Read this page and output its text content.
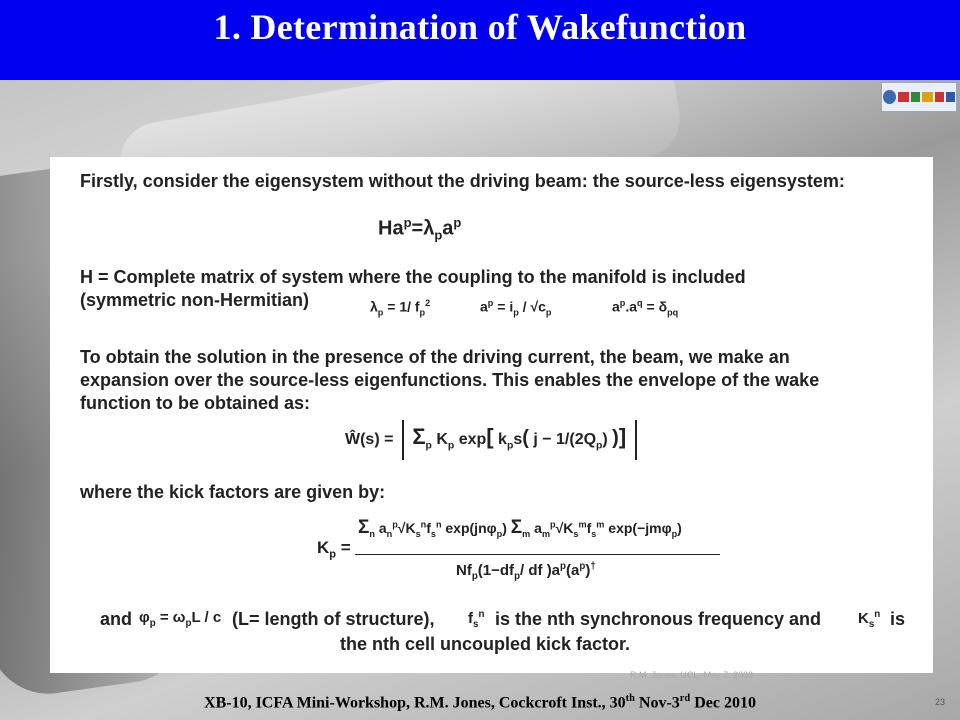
1. Determination of Wakefunction
Firstly, consider the eigensystem without the driving beam: the source-less eigensystem:
$Ha^p=\lambda_pa^p$
H = Complete matrix of system where the coupling to the manifold is included
(symmetric non-Hermitian)	$\lambda_p = 1/$ $f_p^2$	$a^p = i_p / √c_p$	$a^p.a^q = \delta_{pq}$
To obtain the solution in the presence of the driving current, the beam, we make an
expansion over the source-less eigenfunctions. This enables the envelope of the wake
function to be obtained as:
Ŵ(s) =  $\Sigma_p$ $K_p$ exp[ $k_ps$( $j - 1/(2Q_p)$ )]
where the kick factors are given by:
$K_p$ =
$\Sigma_n$ $a_n^p√K_s^nf_s^n$ exp(jnφ$_p$) $\Sigma_m$ $a_m^p√K_s^mf_s^m$ exp(−jmφ$_p$)
$Nf_p(1-df_p/$ df )$a^p(a^p)^\dagger$
and $\varphi_p = \omega_pL / c$ (L= length of structure), $f_s^n$ is the nth synchronous frequency and $K_s^n$ is
the nth cell uncoupled kick factor.
R.M. Jones, UCL, May 7, 2003
XB-10, ICFA Mini-Workshop, R.M. Jones, Cockcroft Inst., 30th Nov-3rd Dec 2010	23
